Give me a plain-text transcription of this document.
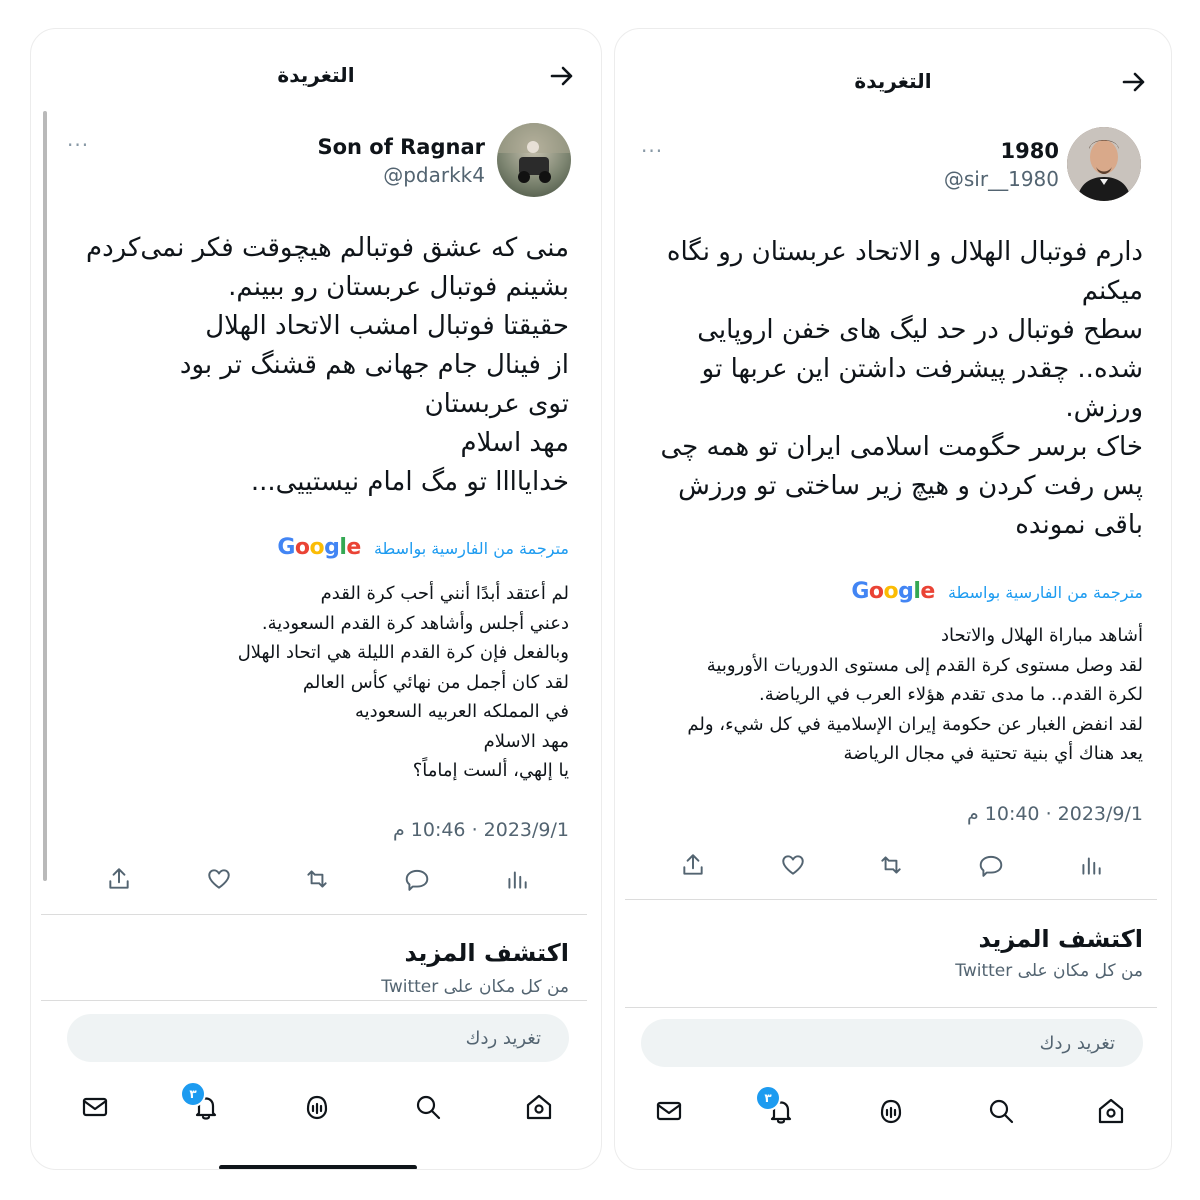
التغريدة
···	Son of Ragnar
@pdarkk4
منی که عشق فوتبالم هیچوقت فکر نمی‌کردم
بشینم فوتبال عربستان رو ببینم.
حقیقتا فوتبال امشب الاتحاد الهلال
از فینال جام جهانی هم قشنگ تر بود
توی عربستان
مهد اسلام
خدایاااا تو مگ امام نیستییی...
مترجمة من الفارسية بواسطة Google
لم أعتقد أبدًا أنني أحب كرة القدم
دعني أجلس وأشاهد كرة القدم السعودية.
وبالفعل فإن كرة القدم الليلة هي اتحاد الهلال
لقد كان أجمل من نهائي كأس العالم
في المملكه العربيه السعوديه
مهد الاسلام
يا إلهي، ألست إماماً؟
2023/9/1 · 10:46 م
اكتشف المزيد
من كل مكان على Twitter
تغريد ردك
٣
التغريدة
···	1980
@sir__1980
دارم فوتبال الهلال و الاتحاد عربستان رو نگاه
میکنم
سطح فوتبال در حد لیگ های خفن اروپایی
شده.. چقدر پیشرفت داشتن این عربها تو
ورزش.
خاک برسر حگومت اسلامی ایران تو همه چی
پس رفت کردن و هیچ زیر ساختی تو ورزش
باقی نمونده
مترجمة من الفارسية بواسطة Google
أشاهد مباراة الهلال والاتحاد
لقد وصل مستوى كرة القدم إلى مستوى الدوريات الأوروبية
لكرة القدم.. ما مدى تقدم هؤلاء العرب في الرياضة.
لقد انفض الغبار عن حكومة إيران الإسلامية في كل شيء، ولم
يعد هناك أي بنية تحتية في مجال الرياضة
2023/9/1 · 10:40 م
اكتشف المزيد
من كل مكان على Twitter
تغريد ردك
٣
